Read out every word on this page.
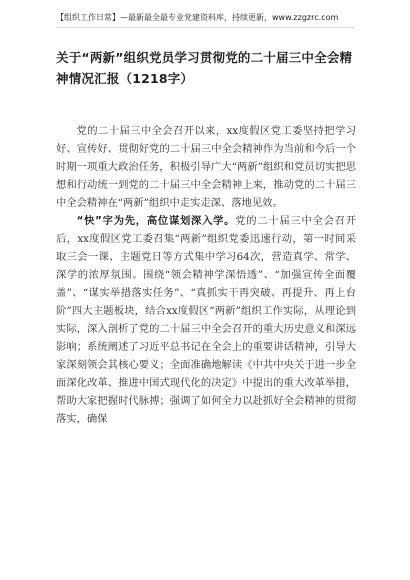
【组织工作日常】—最新最全最专业党建资料库，持续更新，www.zzgzrc.com
关于“两新”组织党员学习贯彻党的二十届三中全会精神情况汇报（1218字）

党的二十届三中全会召开以来，xx度假区党工委坚持把学习好、宣传好、贯彻好党的二十届三中全会精神作为当前和今后一个时期一项重大政治任务，积极引导广大“两新”组织和党员切实把思想和行动统一到党的二十届三中全会精神上来，推动党的二十届三中全会精神在“两新”组织中走实走深、落地见效。

“快”字为先，高位谋划深入学。党的二十届三中全会召开后，xx度假区党工委召集“两新”组织党委迅速行动，第一时间采取三会一课、主题党日等方式集中学习64次，营造真学、常学、深学的浓厚氛围。围绕“领会精神学深悟透”、“加强宣传全面覆盖”、“谋实举措落实任务”、“真抓实干再突破、再提升、再上台阶”四大主题板块，结合xx度假区“两新”组织工作实际，从理论到实际，深入剖析了党的二十届三中全会召开的重大历史意义和深远影响；系统阐述了习近平总书记在全会上的重要讲话精神，引导大家深刻领会其核心要义；全面准确地解读《中共中央关于进一步全面深化改革、推进中国式现代化的决定》中提出的重大改革举措，帮助大家把握时代脉搏；强调了如何全力以赴抓好全会精神的贯彻落实，确保
